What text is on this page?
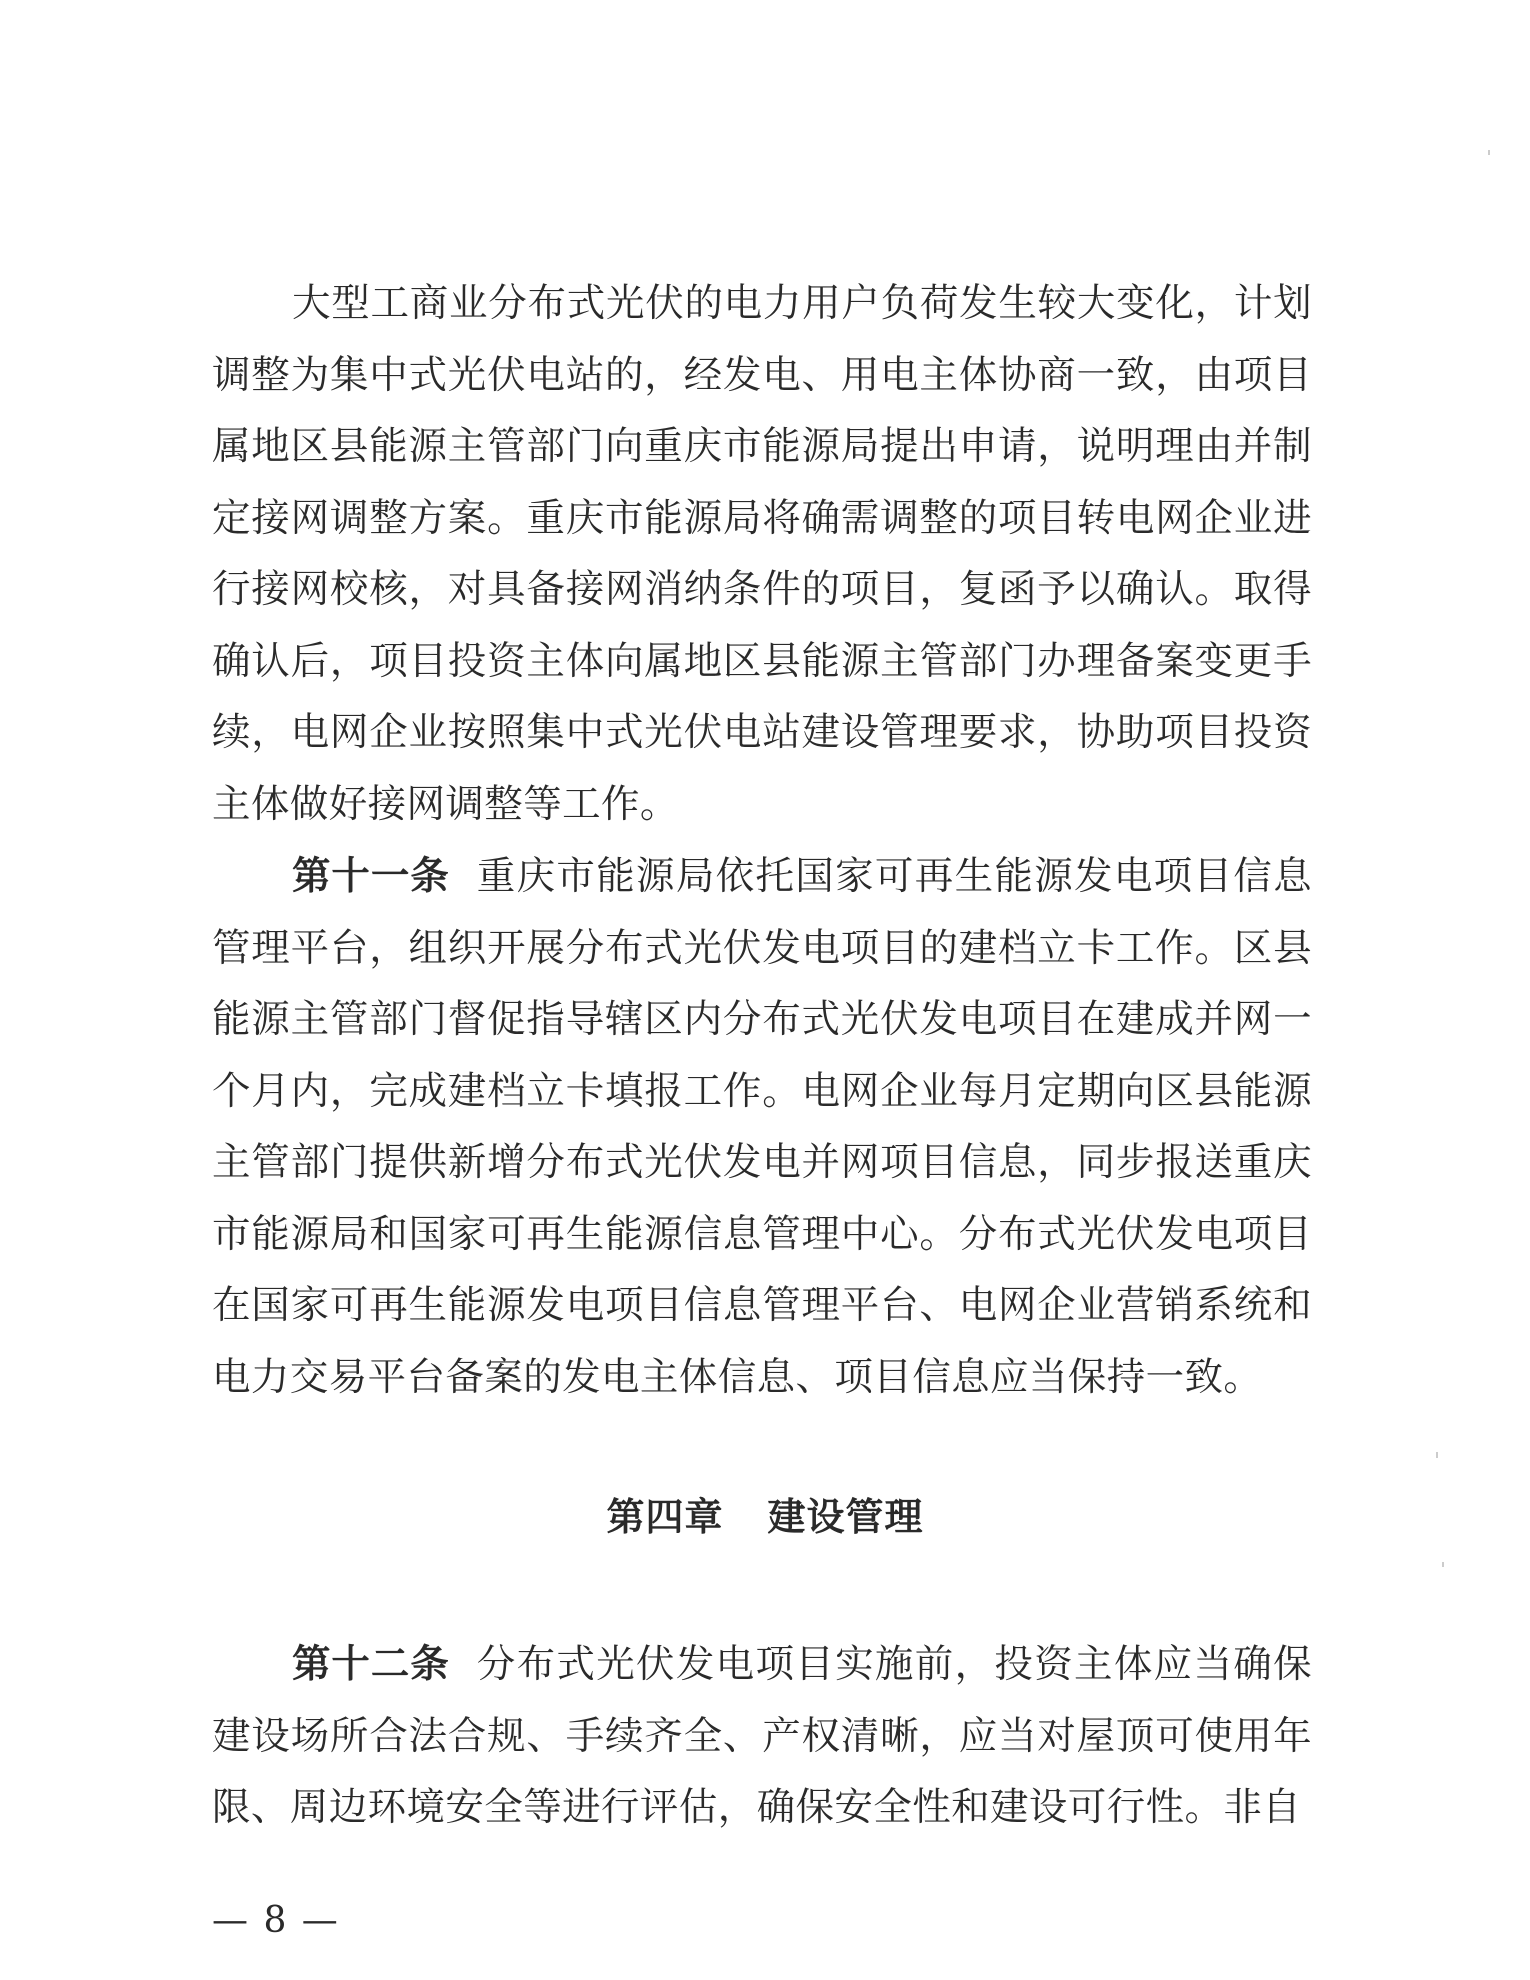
大型工商业分布式光伏的电力用户负荷发生较大变化，计划调整为集中式光伏电站的，经发电、用电主体协商一致，由项目属地区县能源主管部门向重庆市能源局提出申请，说明理由并制定接网调整方案。重庆市能源局将确需调整的项目转电网企业进行接网校核，对具备接网消纳条件的项目，复函予以确认。取得确认后，项目投资主体向属地区县能源主管部门办理备案变更手续，电网企业按照集中式光伏电站建设管理要求，协助项目投资主体做好接网调整等工作。

第十一条 重庆市能源局依托国家可再生能源发电项目信息管理平台，组织开展分布式光伏发电项目的建档立卡工作。区县能源主管部门督促指导辖区内分布式光伏发电项目在建成并网一个月内，完成建档立卡填报工作。电网企业每月定期向区县能源主管部门提供新增分布式光伏发电并网项目信息，同步报送重庆市能源局和国家可再生能源信息管理中心。分布式光伏发电项目在国家可再生能源发电项目信息管理平台、电网企业营销系统和电力交易平台备案的发电主体信息、项目信息应当保持一致。

第四章 建设管理

第十二条 分布式光伏发电项目实施前，投资主体应当确保建设场所合法合规、手续齐全、产权清晰，应当对屋顶可使用年限、周边环境安全等进行评估，确保安全性和建设可行性。非自

— 8 —
